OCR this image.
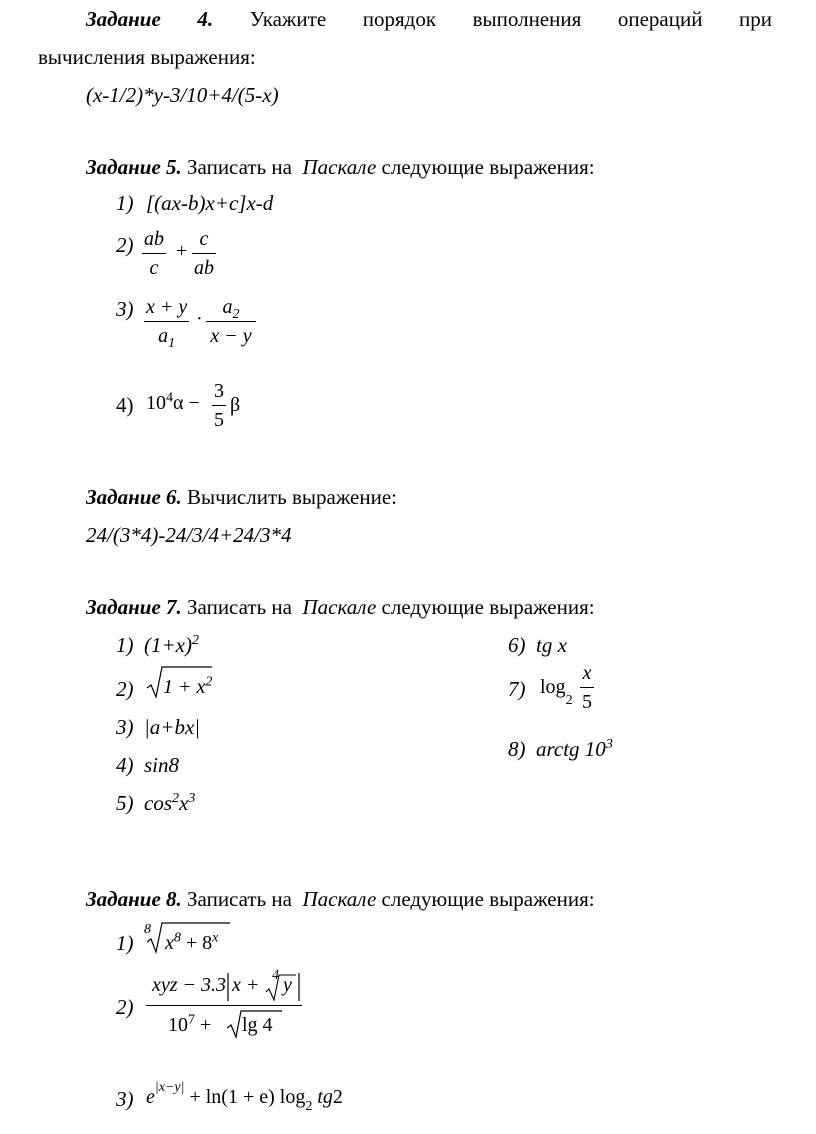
Задание 4. Укажите порядок выполнения операций при
вычисления выражения:
(x-1/2)*y-3/10+4/(5-x)
Задание 5. Записать на Паскале следующие выражения:
1) [(ax-b)x+c]x-d
2) ab
c
+
c
ab
3) x + y
$a_1$
·
$a_2$
x − y
4) $10^4\alpha$ −
3
5
β
Задание 6. Вычислить выражение:
24/(3*4)-24/3/4+24/3*4
Задание 7. Записать на Паскале следующие выражения:
1) $(1+x)^2$
2) $1 + x^2$
3) |a+bx|
4) sin8
5) $\cos^2x^3$
6) tg x
7) $\log_2$
x
5
8) arctg $10^3$
Задание 8. Записать на Паскале следующие выражения:
1)
8
$x^8 + 8^x$
2)
xyz − 3.3 x + 4 y
$10^7 + \lg 4$
3) $e^{|x-y|} + \ln(1 + e)$ $\log_2 tg2$
